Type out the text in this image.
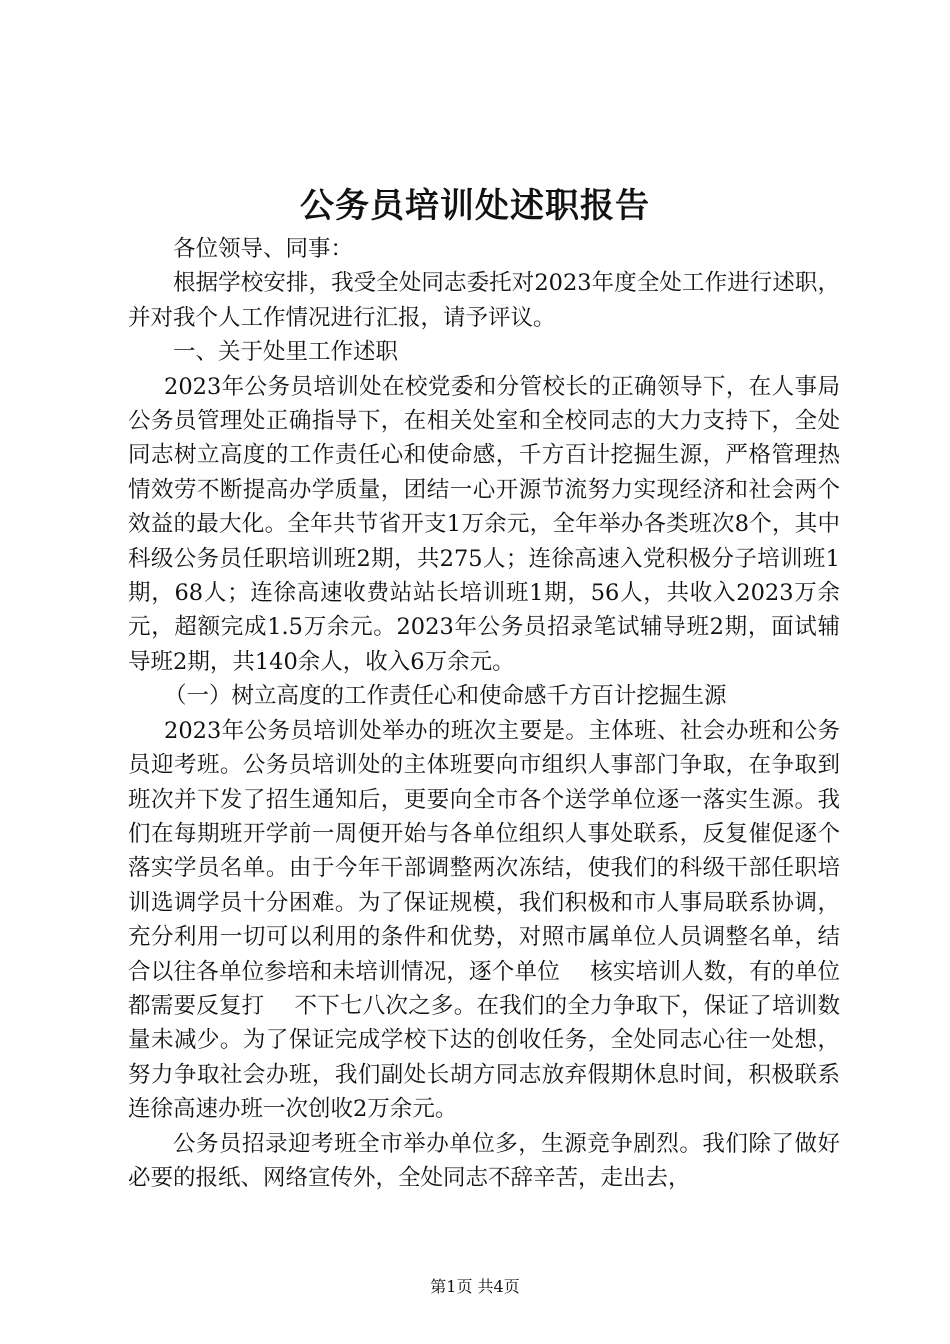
公务员培训处述职报告

各位领导、同事：

根据学校安排，我受全处同志委托对2023年度全处工作进行述职，并对我个人工作情况进行汇报，请予评议。

一、关于处里工作述职

2023年公务员培训处在校党委和分管校长的正确领导下，在人事局公务员管理处正确指导下，在相关处室和全校同志的大力支持下，全处同志树立高度的工作责任心和使命感，千方百计挖掘生源，严格管理热情效劳不断提高办学质量，团结一心开源节流努力实现经济和社会两个效益的最大化。全年共节省开支1万余元，全年举办各类班次8个，其中科级公务员任职培训班2期，共275人；连徐高速入党积极分子培训班1期，68人；连徐高速收费站站长培训班1期，56人，共收入2023万余元，超额完成1.5万余元。2023年公务员招录笔试辅导班2期，面试辅导班2期，共140余人，收入6万余元。

（一）树立高度的工作责任心和使命感千方百计挖掘生源

2023年公务员培训处举办的班次主要是。主体班、社会办班和公务员迎考班。公务员培训处的主体班要向市组织人事部门争取，在争取到班次并下发了招生通知后，更要向全市各个送学单位逐一落实生源。我们在每期班开学前一周便开始与各单位组织人事处联系，反复催促逐个落实学员名单。由于今年干部调整两次冻结，使我们的科级干部任职培训选调学员十分困难。为了保证规模，我们积极和市人事局联系协调，充分利用一切可以利用的条件和优势，对照市属单位人员调整名单，结合以往各单位参培和未培训情况，逐个单位　 核实培训人数，有的单位都需要反复打　 不下七八次之多。在我们的全力争取下，保证了培训数量未减少。为了保证完成学校下达的创收任务，全处同志心往一处想，努力争取社会办班，我们副处长胡方同志放弃假期休息时间，积极联系连徐高速办班一次创收2万余元。

公务员招录迎考班全市举办单位多，生源竞争剧烈。我们除了做好必要的报纸、网络宣传外，全处同志不辞辛苦，走出去，

第1页 共4页
